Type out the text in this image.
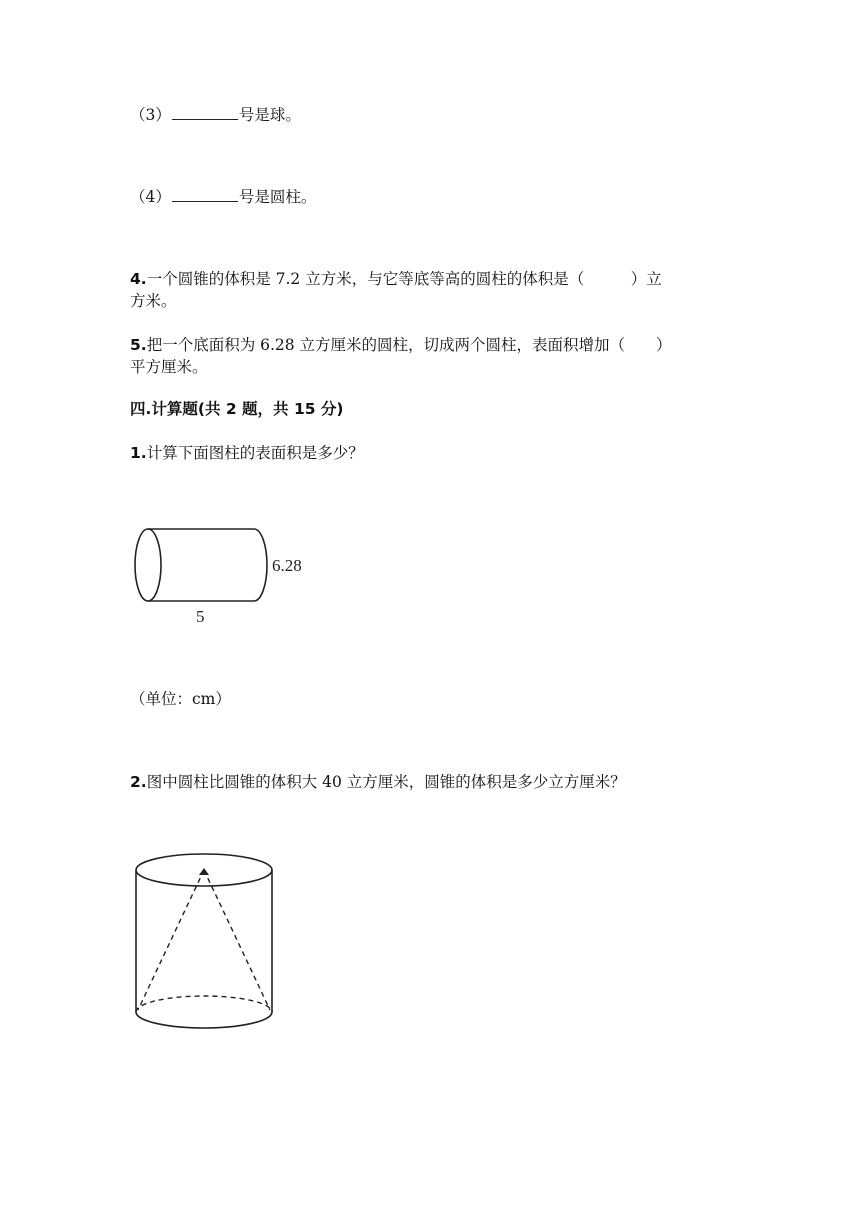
（3）	号是球。
（4）	号是圆柱。
4.一个圆锥的体积是 7.2 立方米，与它等底等高的圆柱的体积是（　　　）立
方米。
5.把一个底面积为 6.28 立方厘米的圆柱，切成两个圆柱，表面积增加（　　）
平方厘米。
四.计算题(共 2 题，共 15 分)
1.计算下面图柱的表面积是多少？
6.28
5
（单位：cm）
2.图中圆柱比圆锥的体积大 40 立方厘米，圆锥的体积是多少立方厘米？
